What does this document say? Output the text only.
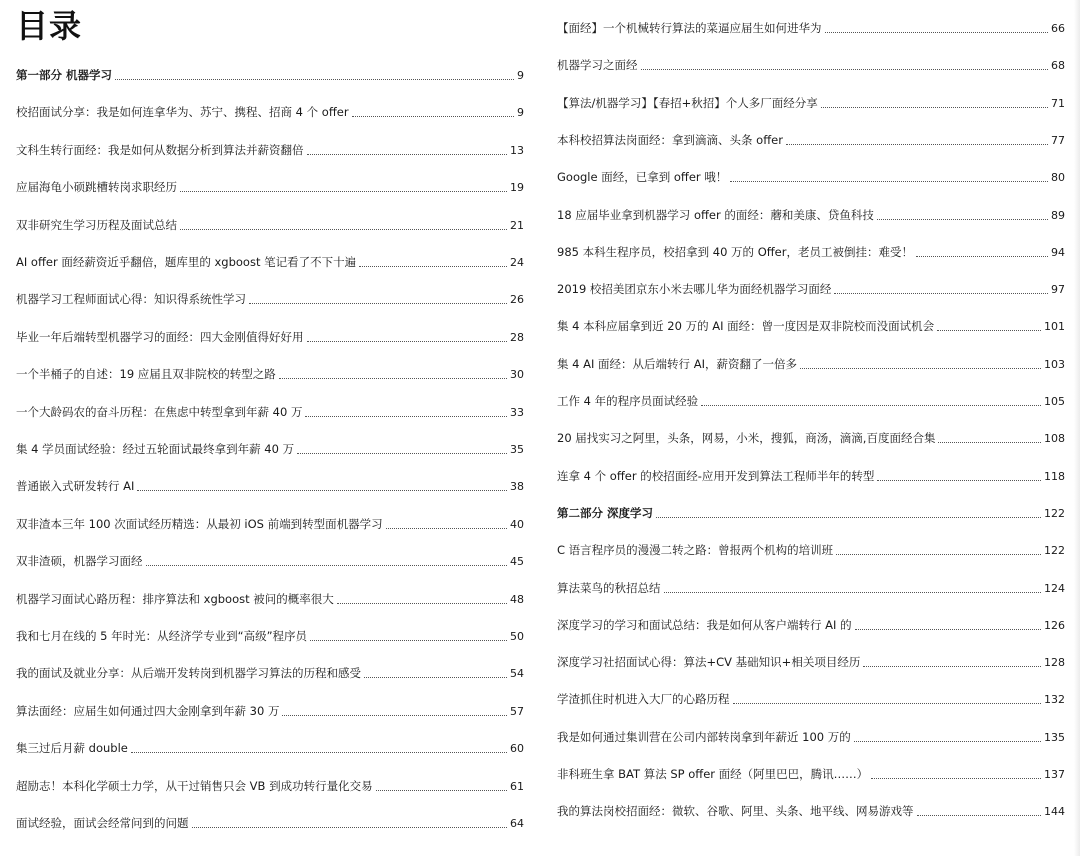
目录
第一部分 机器学习	9
校招面试分享：我是如何连拿华为、苏宁、携程、招商 4 个 offer	9
文科生转行面经：我是如何从数据分析到算法并薪资翻倍	13
应届海龟小硕跳槽转岗求职经历	19
双非研究生学习历程及面试总结	21
AI offer 面经薪资近乎翻倍，题库里的 xgboost 笔记看了不下十遍	24
机器学习工程师面试心得：知识得系统性学习	26
毕业一年后端转型机器学习的面经：四大金刚值得好好用	28
一个半桶子的自述：19 应届且双非院校的转型之路	30
一个大龄码农的奋斗历程：在焦虑中转型拿到年薪 40 万	33
集 4 学员面试经验：经过五轮面试最终拿到年薪 40 万	35
普通嵌入式研发转行 AI	38
双非渣本三年 100 次面试经历精选：从最初 iOS 前端到转型面机器学习	40
双非渣硕，机器学习面经	45
机器学习面试心路历程：排序算法和 xgboost 被问的概率很大	48
我和七月在线的 5 年时光：从经济学专业到“高级”程序员	50
我的面试及就业分享：从后端开发转岗到机器学习算法的历程和感受	54
算法面经：应届生如何通过四大金刚拿到年薪 30 万	57
集三过后月薪 double	60
超励志！本科化学硕士力学，从干过销售只会 VB 到成功转行量化交易	61
面试经验，面试会经常问到的问题	64
【面经】一个机械转行算法的菜逼应届生如何进华为	66
机器学习之面经	68
【算法/机器学习】【春招+秋招】个人多厂面经分享	71
本科校招算法岗面经：拿到滴滴、头条 offer	77
Google 面经，已拿到 offer 哦！	80
18 应届毕业拿到机器学习 offer 的面经：蘑和美康、贷鱼科技	89
985 本科生程序员，校招拿到 40 万的 Offer，老员工被倒挂：难受！	94
2019 校招美团京东小米去哪儿华为面经机器学习面经	97
集 4 本科应届拿到近 20 万的 AI 面经：曾一度因是双非院校而没面试机会	101
集 4 AI 面经：从后端转行 AI，薪资翻了一倍多	103
工作 4 年的程序员面试经验	105
20 届找实习之阿里，头条，网易，小米，搜狐，商汤，滴滴,百度面经合集	108
连拿 4 个 offer 的校招面经-应用开发到算法工程师半年的转型	118
第二部分 深度学习	122
C 语言程序员的漫漫二转之路：曾报两个机构的培训班	122
算法菜鸟的秋招总结	124
深度学习的学习和面试总结：我是如何从客户端转行 AI 的	126
深度学习社招面试心得：算法+CV 基础知识+相关项目经历	128
学渣抓住时机进入大厂的心路历程	132
我是如何通过集训营在公司内部转岗拿到年薪近 100 万的	135
非科班生拿 BAT 算法 SP offer 面经（阿里巴巴，腾讯……）	137
我的算法岗校招面经：微软、谷歌、阿里、头条、地平线、网易游戏等	144
